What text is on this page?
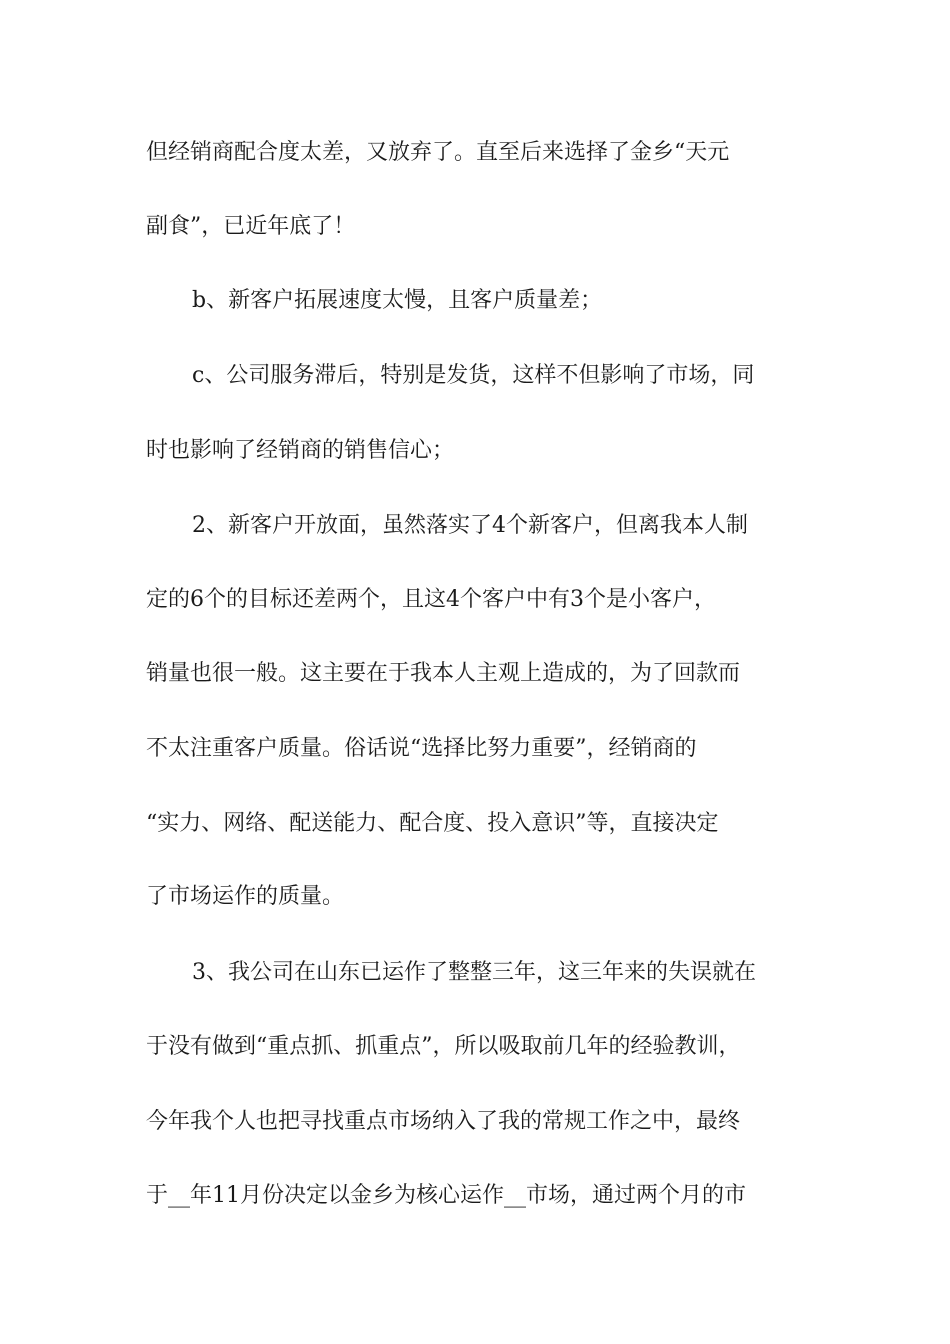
但经销商配合度太差，又放弃了。直至后来选择了金乡“天元
副食”，已近年底了！
b、新客户拓展速度太慢，且客户质量差；
c、公司服务滞后，特别是发货，这样不但影响了市场，同
时也影响了经销商的销售信心；
2、新客户开放面，虽然落实了4个新客户，但离我本人制
定的6个的目标还差两个，且这4个客户中有3个是小客户，
销量也很一般。这主要在于我本人主观上造成的，为了回款而
不太注重客户质量。俗话说“选择比努力重要”，经销商的
“实力、网络、配送能力、配合度、投入意识”等，直接决定
了市场运作的质量。
3、我公司在山东已运作了整整三年，这三年来的失误就在
于没有做到“重点抓、抓重点”，所以吸取前几年的经验教训，
今年我个人也把寻找重点市场纳入了我的常规工作之中，最终
于__年11月份决定以金乡为核心运作__市场，通过两个月的市
